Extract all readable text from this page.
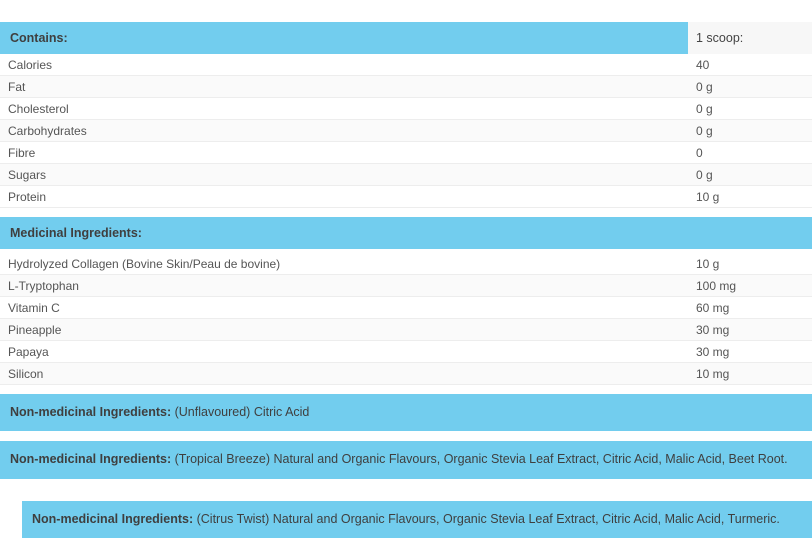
Contains:	1 scoop:
Calories	40
Fat	0 g
Cholesterol	0 g
Carbohydrates	0 g
Fibre	0
Sugars	0 g
Protein	10 g

Medicinal Ingredients:	

Hydrolyzed Collagen (Bovine Skin/Peau de bovine)	10 g
L-Tryptophan	100 mg
Vitamin C	60 mg
Pineapple	30 mg
Papaya	30 mg
Silicon	10 mg
Non-medicinal Ingredients: (Unflavoured) Citric Acid
Non-medicinal Ingredients: (Tropical Breeze) Natural and Organic Flavours, Organic Stevia Leaf Extract, Citric Acid, Malic Acid, Beet Root.
Non-medicinal Ingredients: (Citrus Twist) Natural and Organic Flavours, Organic Stevia Leaf Extract, Citric Acid, Malic Acid, Turmeric.
